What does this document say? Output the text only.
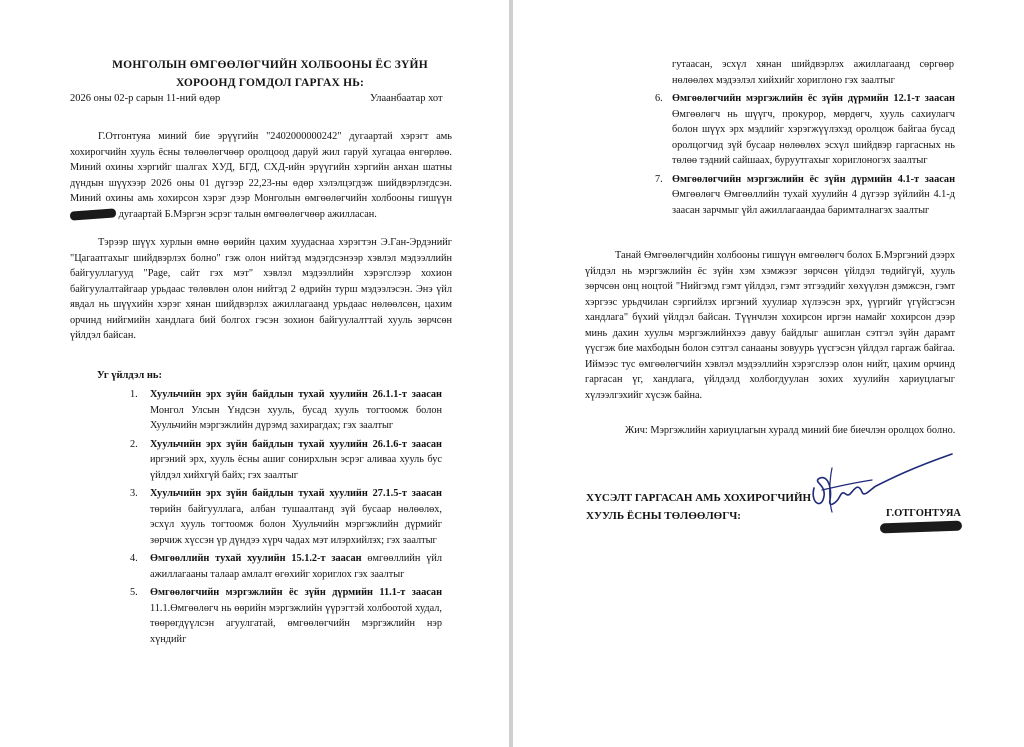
МОНГОЛЫН ӨМГӨӨЛӨГЧИЙН ХОЛБООНЫ ЁС ЗҮЙН
ХОРООНД ГОМДОЛ ГАРГАХ НЬ:
2026 оны 02-р сарын 11-ний өдөр	Улаанбаатар хот
Г.Отгонтуяа миний бие эрүүгийн "2402000000242" дугаартай хэрэгт амь хохирогчийн хууль ёсны төлөөлөгчөөр оролцоод даруй жил гаруй хугацаа өнгөрлөө. Миний охины хэргийг шалгах ХУД, БГД, СХД-ийн эрүүгийн хэргийн анхан шатны дүндын шүүхээр 2026 оны 01 дүгээр 22,23-ны өдөр хэлэлцэгдэж шийдвэрлэгдсэн. Миний охины амь хохирсон хэрэг дээр Монголын өмгөөлөгчийн холбооны гишүүн  дугаартай Б.Мэргэн эсрэг талын өмгөөлөгчөөр ажилласан.
Тэрээр шүүх хурлын өмнө өөрийн цахим хуудаснаа хэрэгтэн Э.Ган-Эрдэнийг "Цагаатгахыг шийдвэрлэх болно" гэж олон нийтэд мэдэгдсэнээр хэвлэл мэдээллийн байгууллагууд "Page, сайт гэх мэт" хэвлэл мэдээллийн хэрэгслээр хохион байгуулалтайгаар урьдаас төлөвлөн олон нийтэд 2 өдрийн турш мэдээлэсэн. Энэ үйл явдал нь шүүхийн хэрэг хянан шийдвэрлэх ажиллагаанд урьдаас нөлөөлсөн, цахим орчинд нийгмийн хандлага бий болгох гэсэн зохион байгуулалттай хууль зөрчсөн үйлдэл байсан.
Уг үйлдэл нь:
1. Хуульчийн эрх зүйн байдлын тухай хуулийн 26.1.1-т заасан Монгол Улсын Үндсэн хууль, бусад хууль тогтоомж болон Хуульчийн мэргэжлийн дүрэмд захирагдах; гэх заалтыг
2. Хуульчийн эрх зүйн байдлын тухай хуулийн 26.1.6-т заасан иргэний эрх, хууль ёсны ашиг сонирхлын эсрэг аливаа хууль бус үйлдэл хийхгүй байх; гэх заалтыг
3. Хуульчийн эрх зүйн байдлын тухай хуулийн 27.1.5-т заасан төрийн байгууллага, албан тушаалтанд зүй бусаар нөлөөлөх, эсхүл хууль тогтоомж болон Хуульчийн мэргэжлийн дүрмийг зөрчиж хүссэн үр дүндээ хүрч чадах мэт илэрхийлэх; гэх заалтыг
4. Өмгөөллийн тухай хуулийн 15.1.2-т заасан өмгөөллийн үйл ажиллагааны талаар амлалт өгөхийг хориглох гэх заалтыг
5. Өмгөөлөгчийн мэргэжлийн ёс зүйн дүрмийн 11.1-т заасан 11.1.Өмгөөлөгч нь өөрийн мэргэжлийн үүрэгтэй холбоотой худал, төөрөгдүүлсэн агуулгатай, өмгөөлөгчийн мэргэжлийн нэр хүндийг
гутаасан, эсхүл хянан шийдвэрлэх ажиллагаанд сөргөөр нөлөөлөх мэдээлэл хийхийг хориглоно гэх заалтыг
6. Өмгөөлөгчийн мэргэжлийн ёс зүйн дүрмийн 12.1-т заасан Өмгөөлөгч нь шүүгч, прокурор, мөрдөгч, хууль сахиулагч болон шүүх эрх мэдлийг хэрэгжүүлэхэд оролцож байгаа бусад оролцогчид зүй бусаар нөлөөлөх эсхүл шийдвэр гаргасных нь төлөө тэдний сайшаах, буруутгахыг хориглоногэх заалтыг
7. Өмгөөлөгчийн мэргэжлийн ёс зүйн дүрмийн 4.1-т заасан Өмгөөлөгч Өмгөөллийн тухай хуулийн 4 дүгээр зүйлийн 4.1-д заасан зарчмыг үйл ажиллагаандаа баримталнагэх заалтыг
Танай Өмгөөлөгчдийн холбооны гишүүн өмгөөлөгч болох Б.Мэргэний дээрх үйлдэл нь мэргэжлийн ёс зүйн хэм хэмжээг зөрчсөн үйлдэл төдийгүй, хууль зөрчсөн онц ноцтой "Нийгэмд гэмт үйлдэл, гэмт этгээдийг хөхүүлэн дэмжсэн, гэмт хэргээс урьдчилан сэргийлэх иргэний хуулиар хүлээсэн эрх, үүргийг үгүйсгэсэн хандлага" бүхий үйлдэл байсан. Түүнчлэн хохирсон иргэн намайг хохирсон дээр минь дахин хуульч мэргэжлийнхээ давуу байдлыг ашиглан сэтгэл зүйн дарамт үүсгэж бие махбодын болон сэтгэл санааны зовуурь үүсгэсэн үйлдэл гаргаж байгаа. Иймээс тус өмгөөлөгчийн хэвлэл мэдээллийн хэрэгслээр олон нийт, цахим орчинд гаргасан үг, хандлага, үйлдэлд холбогдуулан зохих хуулийн хариуцлагыг хүлээлгэхийг хүсэж байна.
Жич: Мэргэжлийн хариуцлагын хуралд миний бие биечлэн оролцох болно.
ХҮСЭЛТ ГАРГАСАН АМЬ ХОХИРОГЧИЙН
ХУУЛЬ ЁСНЫ ТӨЛӨӨЛӨГЧ:	Г.ОТГОНТУЯА
